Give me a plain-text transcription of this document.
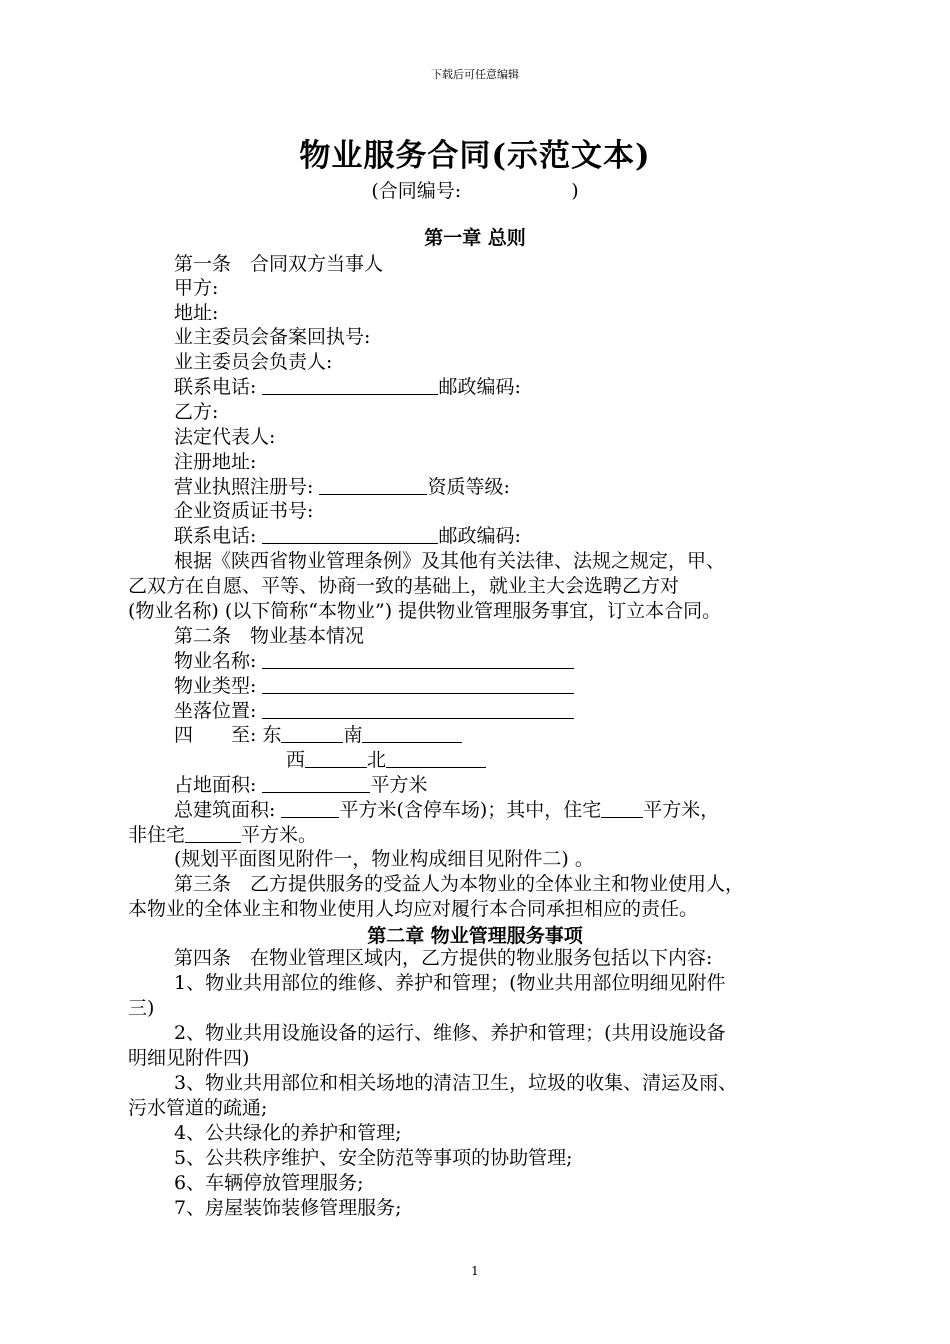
下载后可任意编辑
物业服务合同(示范文本)
(合同编号:	)
第一章 总则
第一条　合同双方当事人
甲方:
地址:
业主委员会备案回执号:
业主委员会负责人:
联系电话:	邮政编码:
乙方:
法定代表人:
注册地址:
营业执照注册号:	资质等级:
企业资质证书号:
联系电话:	邮政编码:
根据《陕西省物业管理条例》及其他有关法律、法规之规定，甲、
乙双方在自愿、平等、协商一致的基础上，就业主大会选聘乙方对
(物业名称) (以下简称“本物业”) 提供物业管理服务事宜，订立本合同。
第二条　物业基本情况
物业名称:
物业类型:
坐落位置:
四　　至: 东	南
西	北
占地面积:	平方米
总建筑面积:	平方米(含停车场)；其中，住宅 平方米，
非住宅	平方米。
(规划平面图见附件一，物业构成细目见附件二) 。
第三条　乙方提供服务的受益人为本物业的全体业主和物业使用人，
本物业的全体业主和物业使用人均应对履行本合同承担相应的责任。
第二章 物业管理服务事项
第四条　在物业管理区域内，乙方提供的物业服务包括以下内容:
1、物业共用部位的维修、养护和管理；(物业共用部位明细见附件
三)
2、物业共用设施设备的运行、维修、养护和管理；(共用设施设备
明细见附件四)
3、物业共用部位和相关场地的清洁卫生，垃圾的收集、清运及雨、
污水管道的疏通;
4、公共绿化的养护和管理;
5、公共秩序维护、安全防范等事项的协助管理;
6、车辆停放管理服务;
7、房屋装饰装修管理服务;
1
